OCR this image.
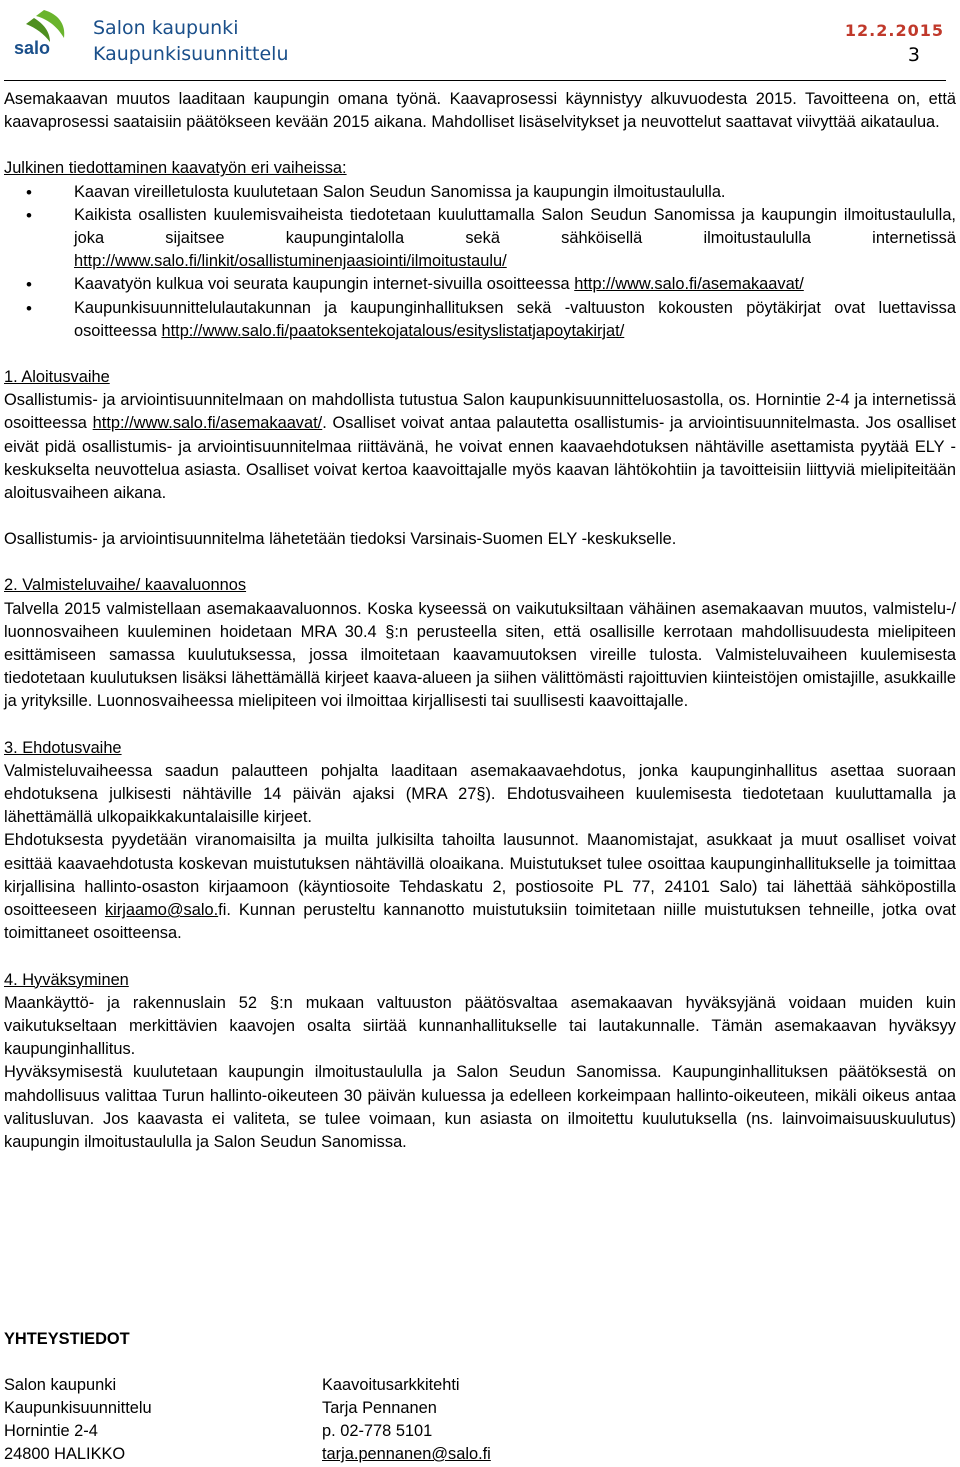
salo
Salon kaupunki
Kaupunkisuunnittelu
12.2.2015
3

Asemakaavan muutos laaditaan kaupungin omana työnä. Kaavaprosessi käynnistyy alkuvuodesta 2015. Tavoitteena on, että kaavaprosessi saataisiin päätökseen kevään 2015 aikana. Mahdolliset lisäselvitykset ja neuvottelut saattavat viivyttää aikataulua.

Julkinen tiedottaminen kaavatyön eri vaiheissa:

• Kaavan vireilletulosta kuulutetaan Salon Seudun Sanomissa ja kaupungin ilmoitustaululla.
• Kaikista osallisten kuulemisvaiheista tiedotetaan kuuluttamalla Salon Seudun Sanomissa ja kaupungin ilmoitustaululla, joka sijaitsee kaupungintalolla sekä sähköisellä ilmoitustaululla internetissä http://www.salo.fi/linkit/osallistuminenjaasiointi/ilmoitustaulu/
• Kaavatyön kulkua voi seurata kaupungin internet-sivuilla osoitteessa http://www.salo.fi/asemakaavat/
• Kaupunkisuunnittelulautakunnan ja kaupunginhallituksen sekä -valtuuston kokousten pöytäkirjat ovat luettavissa osoitteessa http://www.salo.fi/paatoksentekojatalous/esityslistatjapoytakirjat/

1. Aloitusvaihe

Osallistumis- ja arviointisuunnitelmaan on mahdollista tutustua Salon kaupunkisuunnitteluosastolla, os. Hornintie 2-4 ja internetissä osoitteessa http://www.salo.fi/asemakaavat/. Osalliset voivat antaa palautetta osallistumis- ja arviointisuunnitelmasta. Jos osalliset eivät pidä osallistumis- ja arviointisuunnitelmaa riittävänä, he voivat ennen kaavaehdotuksen nähtäville asettamista pyytää ELY -keskukselta neuvottelua asiasta. Osalliset voivat kertoa kaavoittajalle myös kaavan lähtökohtiin ja tavoitteisiin liittyviä mielipiteitään aloitusvaiheen aikana.

Osallistumis- ja arviointisuunnitelma lähetetään tiedoksi Varsinais-Suomen ELY -keskukselle.

2. Valmisteluvaihe/ kaavaluonnos

Talvella 2015 valmistellaan asemakaavaluonnos. Koska kyseessä on vaikutuksiltaan vähäinen asemakaavan muutos, valmistelu-/ luonnosvaiheen kuuleminen hoidetaan MRA 30.4 §:n perusteella siten, että osallisille kerrotaan mahdollisuudesta mielipiteen esittämiseen samassa kuulutuksessa, jossa ilmoitetaan kaavamuutoksen vireille tulosta. Valmisteluvaiheen kuulemisesta tiedotetaan kuulutuksen lisäksi lähettämällä kirjeet kaava-alueen ja siihen välittömästi rajoittuvien kiinteistöjen omistajille, asukkaille ja yrityksille. Luonnosvaiheessa mielipiteen voi ilmoittaa kirjallisesti tai suullisesti kaavoittajalle.

3. Ehdotusvaihe

Valmisteluvaiheessa saadun palautteen pohjalta laaditaan asemakaavaehdotus, jonka kaupunginhallitus asettaa suoraan ehdotuksena julkisesti nähtäville 14 päivän ajaksi (MRA 27§). Ehdotusvaiheen kuulemisesta tiedotetaan kuuluttamalla ja lähettämällä ulkopaikkakuntalaisille kirjeet.

Ehdotuksesta pyydetään viranomaisilta ja muilta julkisilta tahoilta lausunnot. Maanomistajat, asukkaat ja muut osalliset voivat esittää kaavaehdotusta koskevan muistutuksen nähtävillä oloaikana. Muistutukset tulee osoittaa kaupunginhallitukselle ja toimittaa kirjallisina hallinto-osaston kirjaamoon (käyntiosoite Tehdaskatu 2, postiosoite PL 77, 24101 Salo) tai lähettää sähköpostilla osoitteeseen kirjaamo@salo.fi. Kunnan perusteltu kannanotto muistutuksiin toimitetaan niille muistutuksen tehneille, jotka ovat toimittaneet osoitteensa.

4. Hyväksyminen

Maankäyttö- ja rakennuslain 52 §:n mukaan valtuuston päätösvaltaa asemakaavan hyväksyjänä voidaan muiden kuin vaikutukseltaan merkittävien kaavojen osalta siirtää kunnanhallitukselle tai lautakunnalle. Tämän asemakaavan hyväksyy kaupunginhallitus.

Hyväksymisestä kuulutetaan kaupungin ilmoitustaululla ja Salon Seudun Sanomissa. Kaupunginhallituksen päätöksestä on mahdollisuus valittaa Turun hallinto-oikeuteen 30 päivän kuluessa ja edelleen korkeimpaan hallinto-oikeuteen, mikäli oikeus antaa valitusluvan. Jos kaavasta ei valiteta, se tulee voimaan, kun asiasta on ilmoitettu kuulutuksella (ns. lainvoimaisuuskuulutus) kaupungin ilmoitustaululla ja Salon Seudun Sanomissa.

YHTEYSTIEDOT
Salon kaupunki
Kaupunkisuunnittelu
Hornintie 2-4
24800 HALIKKO
Kaavoitusarkkitehti
Tarja Pennanen
p. 02-778 5101
tarja.pennanen@salo.fi
